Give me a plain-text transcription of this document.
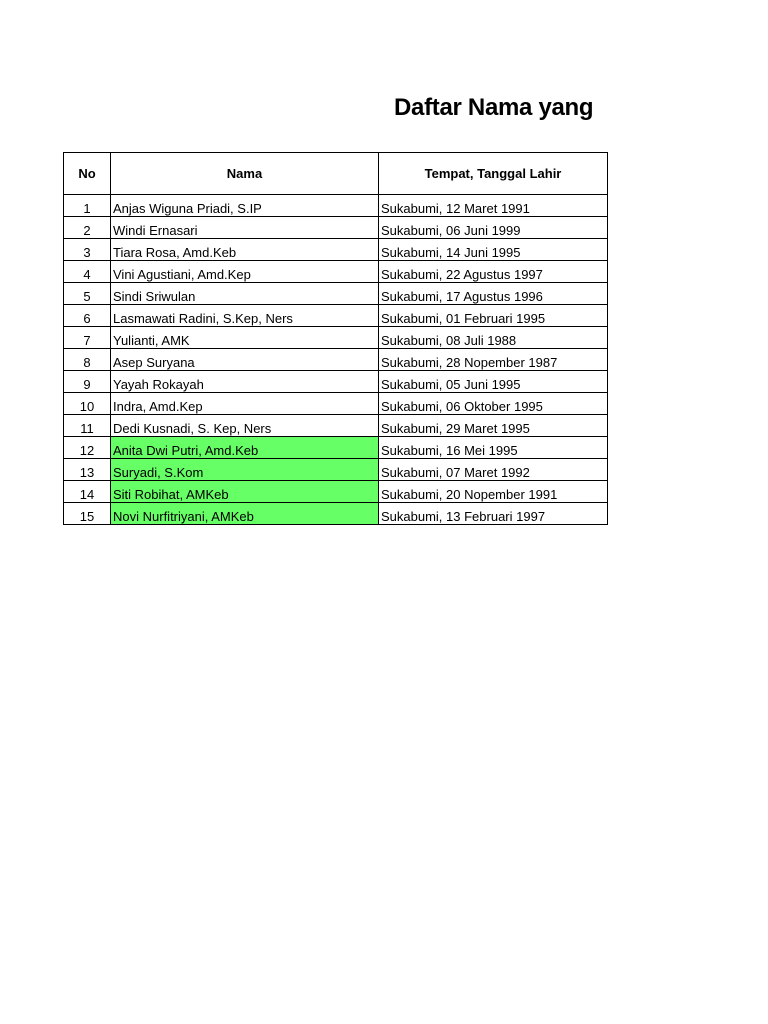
Daftar Nama yang
No	Nama	Tempat, Tanggal Lahir
1	Anjas Wiguna Priadi, S.IP	Sukabumi, 12 Maret 1991
2	Windi Ernasari	Sukabumi, 06 Juni 1999
3	Tiara Rosa, Amd.Keb	Sukabumi, 14 Juni 1995
4	Vini Agustiani, Amd.Kep	Sukabumi, 22 Agustus 1997
5	Sindi Sriwulan	Sukabumi, 17 Agustus 1996
6	Lasmawati Radini, S.Kep, Ners	Sukabumi, 01 Februari 1995
7	Yulianti, AMK	Sukabumi, 08 Juli 1988
8	Asep Suryana	Sukabumi, 28 Nopember 1987
9	Yayah Rokayah	Sukabumi, 05 Juni 1995
10	Indra, Amd.Kep	Sukabumi, 06 Oktober 1995
11	Dedi Kusnadi, S. Kep, Ners	Sukabumi, 29 Maret 1995
12	Anita Dwi Putri, Amd.Keb	Sukabumi, 16 Mei 1995
13	Suryadi, S.Kom	Sukabumi, 07 Maret 1992
14	Siti Robihat, AMKeb	Sukabumi, 20 Nopember 1991
15	Novi Nurfitriyani, AMKeb	Sukabumi, 13 Februari 1997
